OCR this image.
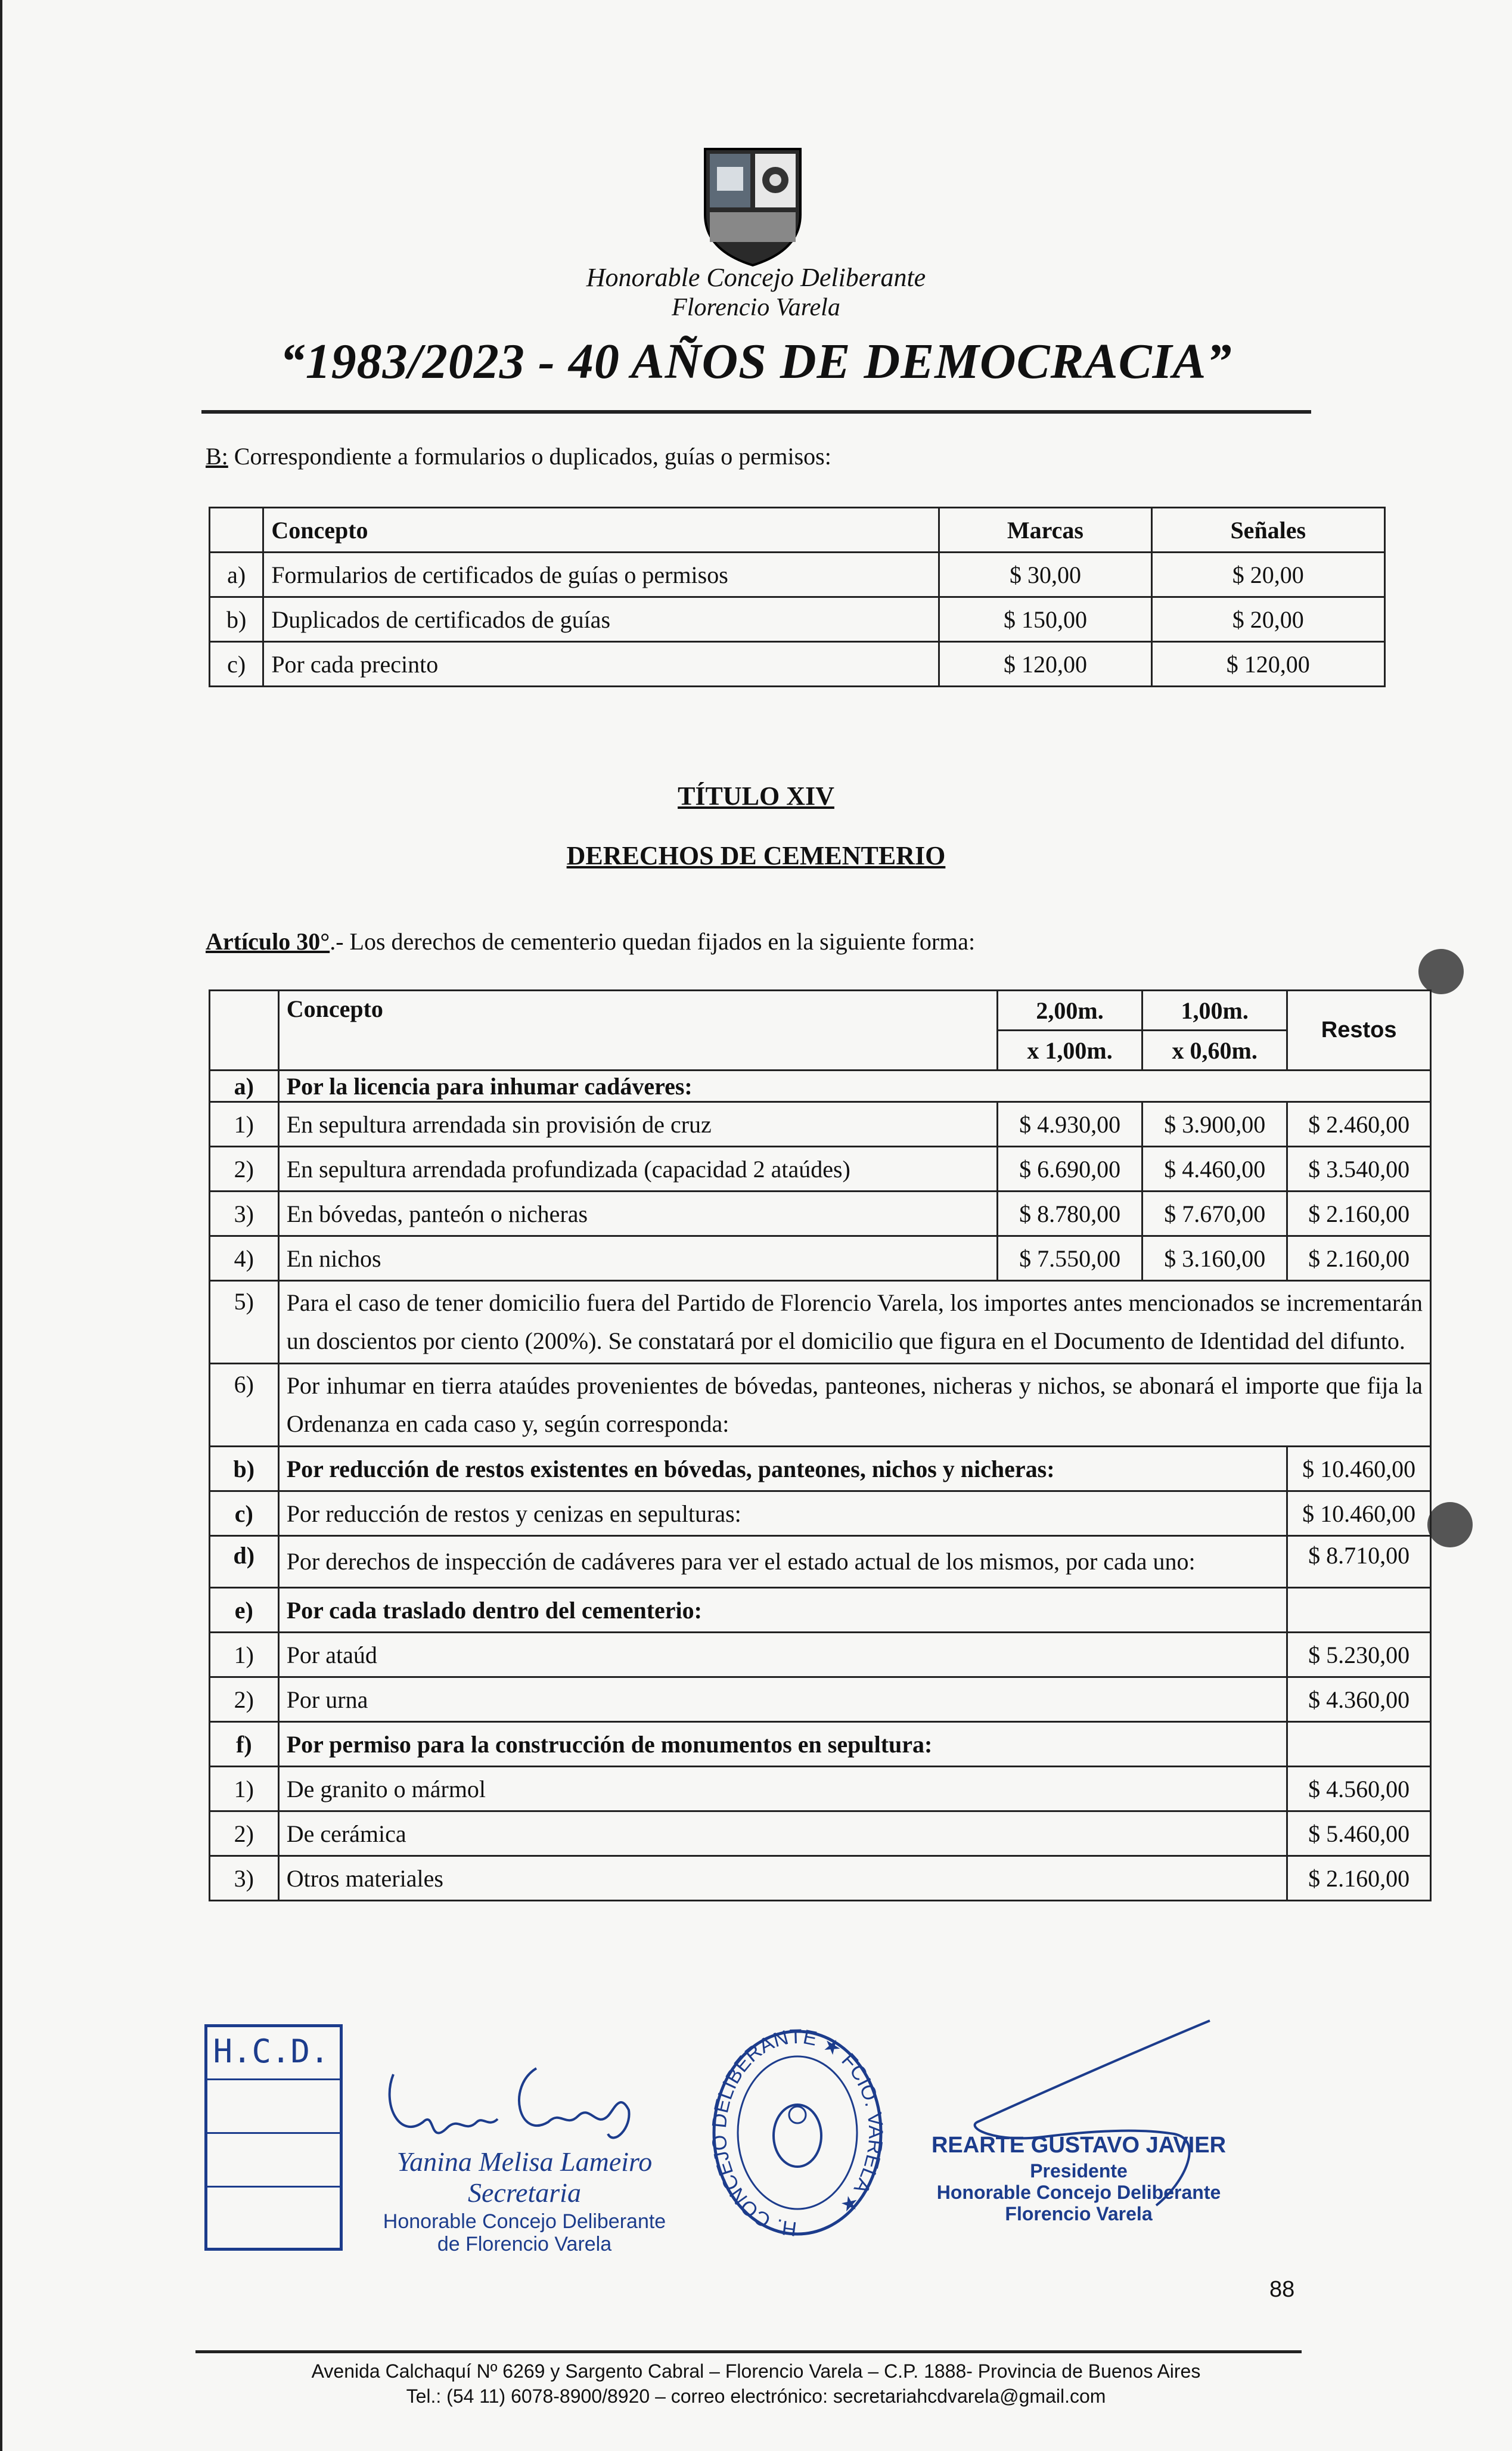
Honorable Concejo Deliberante
Florencio Varela
“1983/2023 - 40 AÑOS DE DEMOCRACIA”
B: Correspondiente a formularios o duplicados, guías o permisos:
	Concepto	Marcas	Señales
a)	Formularios de certificados de guías o permisos	$ 30,00	$ 20,00
b)	Duplicados de certificados de guías	$ 150,00	$ 20,00
c)	Por cada precinto	$ 120,00	$ 120,00
TÍTULO XIV
DERECHOS DE CEMENTERIO
Artículo 30°.- Los derechos de cementerio quedan fijados en la siguiente forma:
	Concepto	2,00m.	1,00m.	Restos
		x 1,00m.	x 0,60m.	
a)	Por la licencia para inhumar cadáveres:			
1)	En sepultura arrendada sin provisión de cruz	$ 4.930,00	$ 3.900,00	$ 2.460,00
2)	En sepultura arrendada profundizada (capacidad 2 ataúdes)	$ 6.690,00	$ 4.460,00	$ 3.540,00
3)	En bóvedas, panteón o nicheras	$ 8.780,00	$ 7.670,00	$ 2.160,00
4)	En nichos	$ 7.550,00	$ 3.160,00	$ 2.160,00
5)	Para el caso de tener domicilio fuera del Partido de Florencio Varela, los importes antes mencionados se incrementarán un doscientos por ciento (200%). Se constatará por el domicilio que figura en el Documento de Identidad del difunto.			
6)	Por inhumar en tierra ataúdes provenientes de bóvedas, panteones, nicheras y nichos, se abonará el importe que fija la Ordenanza en cada caso y, según corresponda:			
b)	Por reducción de restos existentes en bóvedas, panteones, nichos y nicheras:			$ 10.460,00
c)	Por reducción de restos y cenizas en sepulturas:			$ 10.460,00
d)	Por derechos de inspección de cadáveres para ver el estado actual de los mismos, por cada uno:			$ 8.710,00
e)	Por cada traslado dentro del cementerio:			
1)	Por ataúd			$ 5.230,00
2)	Por urna			$ 4.360,00
f)	Por permiso para la construcción de monumentos en sepultura:			
1)	De granito o mármol			$ 4.560,00
2)	De cerámica			$ 5.460,00
3)	Otros materiales			$ 2.160,00
H.C.D.
Yanina Melisa Lameiro
Secretaria
Honorable Concejo Deliberante
de Florencio Varela
H. CONCEJO DELIBERANTE ★ FCIO. VARELA ★
REARTE GUSTAVO JAVIER
Presidente
Honorable Concejo Deliberante
Florencio Varela
88
Avenida Calchaquí Nº 6269 y Sargento Cabral – Florencio Varela – C.P. 1888- Provincia de Buenos Aires
Tel.: (54 11) 6078-8900/8920 – correo electrónico: secretariahcdvarela@gmail.com
